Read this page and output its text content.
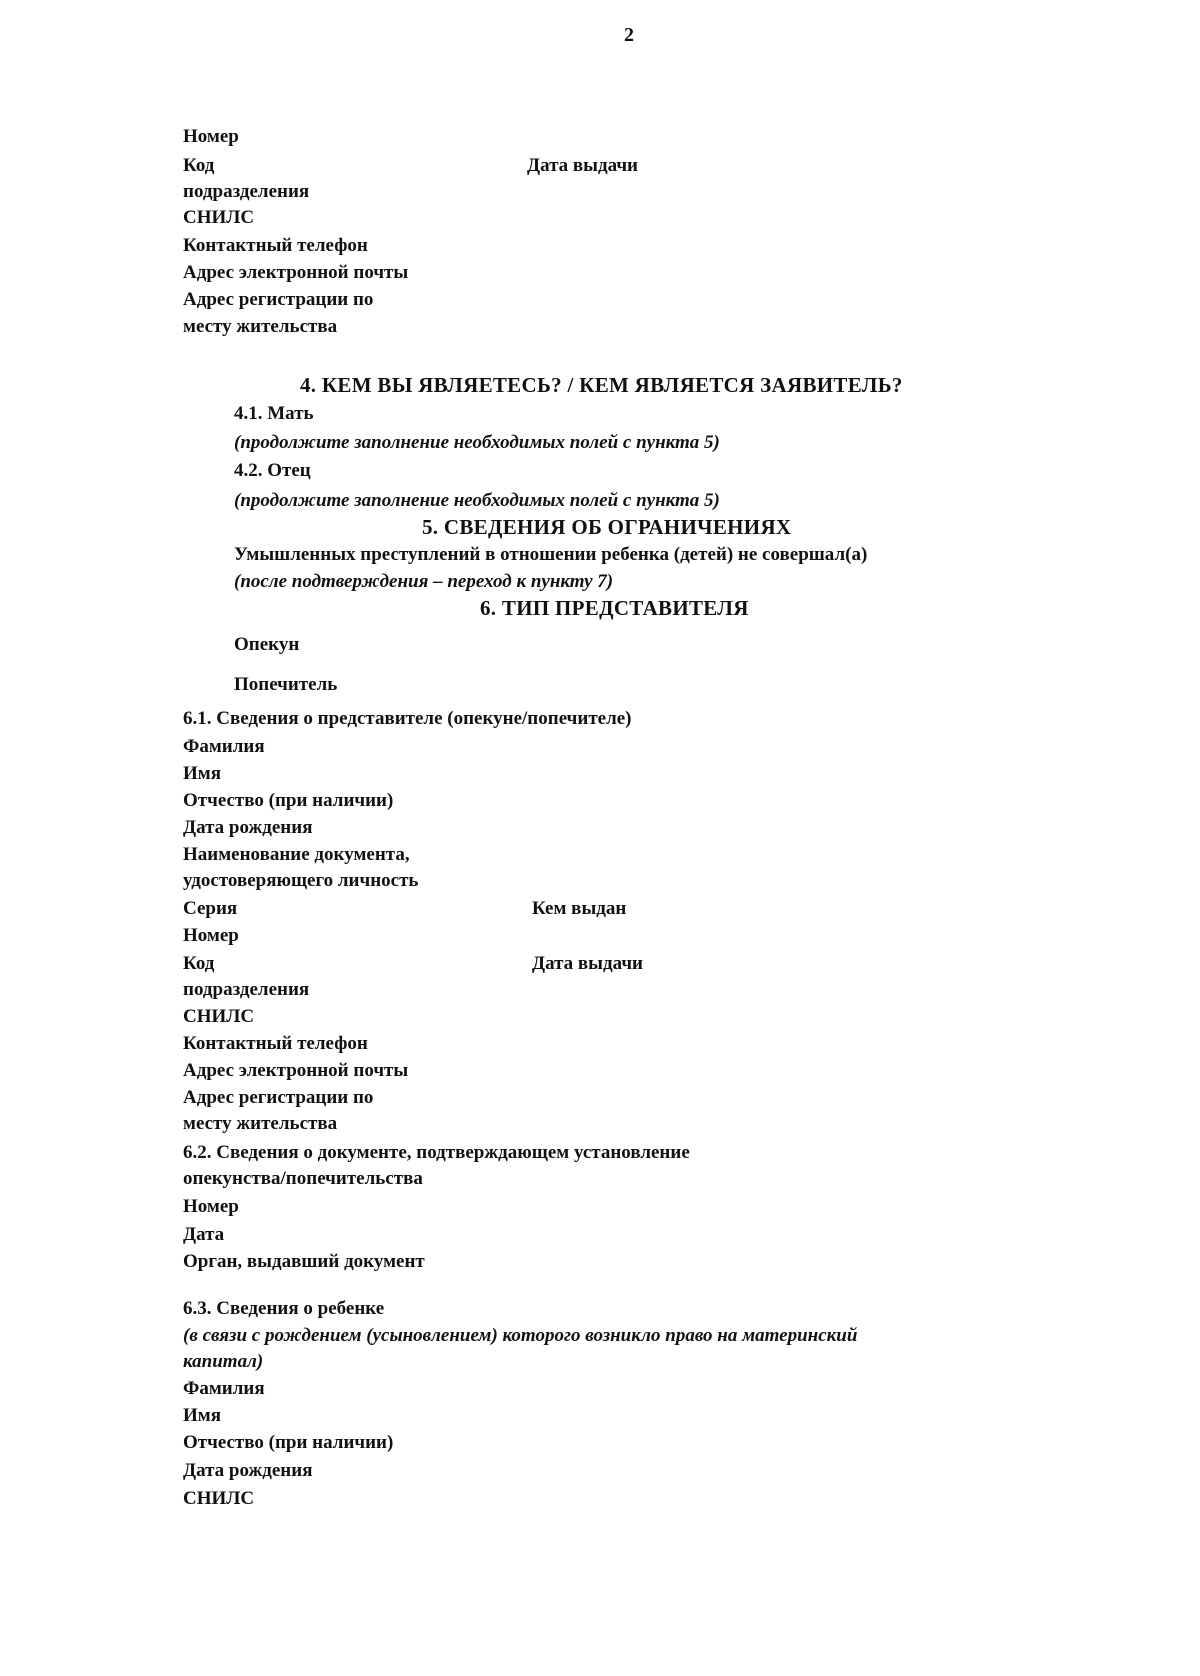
2
Номер
Код	Дата выдачи
подразделения
СНИЛС
Контактный телефон
Адрес электронной почты
Адрес регистрации по
месту жительства
4. КЕМ ВЫ ЯВЛЯЕТЕСЬ? / КЕМ ЯВЛЯЕТСЯ ЗАЯВИТЕЛЬ?
4.1. Мать
(продолжите заполнение необходимых полей с пункта 5)
4.2. Отец
(продолжите заполнение необходимых полей с пункта 5)
5. СВЕДЕНИЯ ОБ ОГРАНИЧЕНИЯХ
Умышленных преступлений в отношении ребенка (детей) не совершал(а)
(после подтверждения – переход к пункту 7)
6. ТИП ПРЕДСТАВИТЕЛЯ
Опекун
Попечитель
6.1. Сведения о представителе (опекуне/попечителе)
Фамилия
Имя
Отчество (при наличии)
Дата рождения
Наименование документа,
удостоверяющего личность
Серия	Кем выдан
Номер
Код	Дата выдачи
подразделения
СНИЛС
Контактный телефон
Адрес электронной почты
Адрес регистрации по
месту жительства
6.2. Сведения о документе, подтверждающем установление
опекунства/попечительства
Номер
Дата
Орган, выдавший документ
6.3. Сведения о ребенке
(в связи с рождением (усыновлением) которого возникло право на материнский
капитал)
Фамилия
Имя
Отчество (при наличии)
Дата рождения
СНИЛС
